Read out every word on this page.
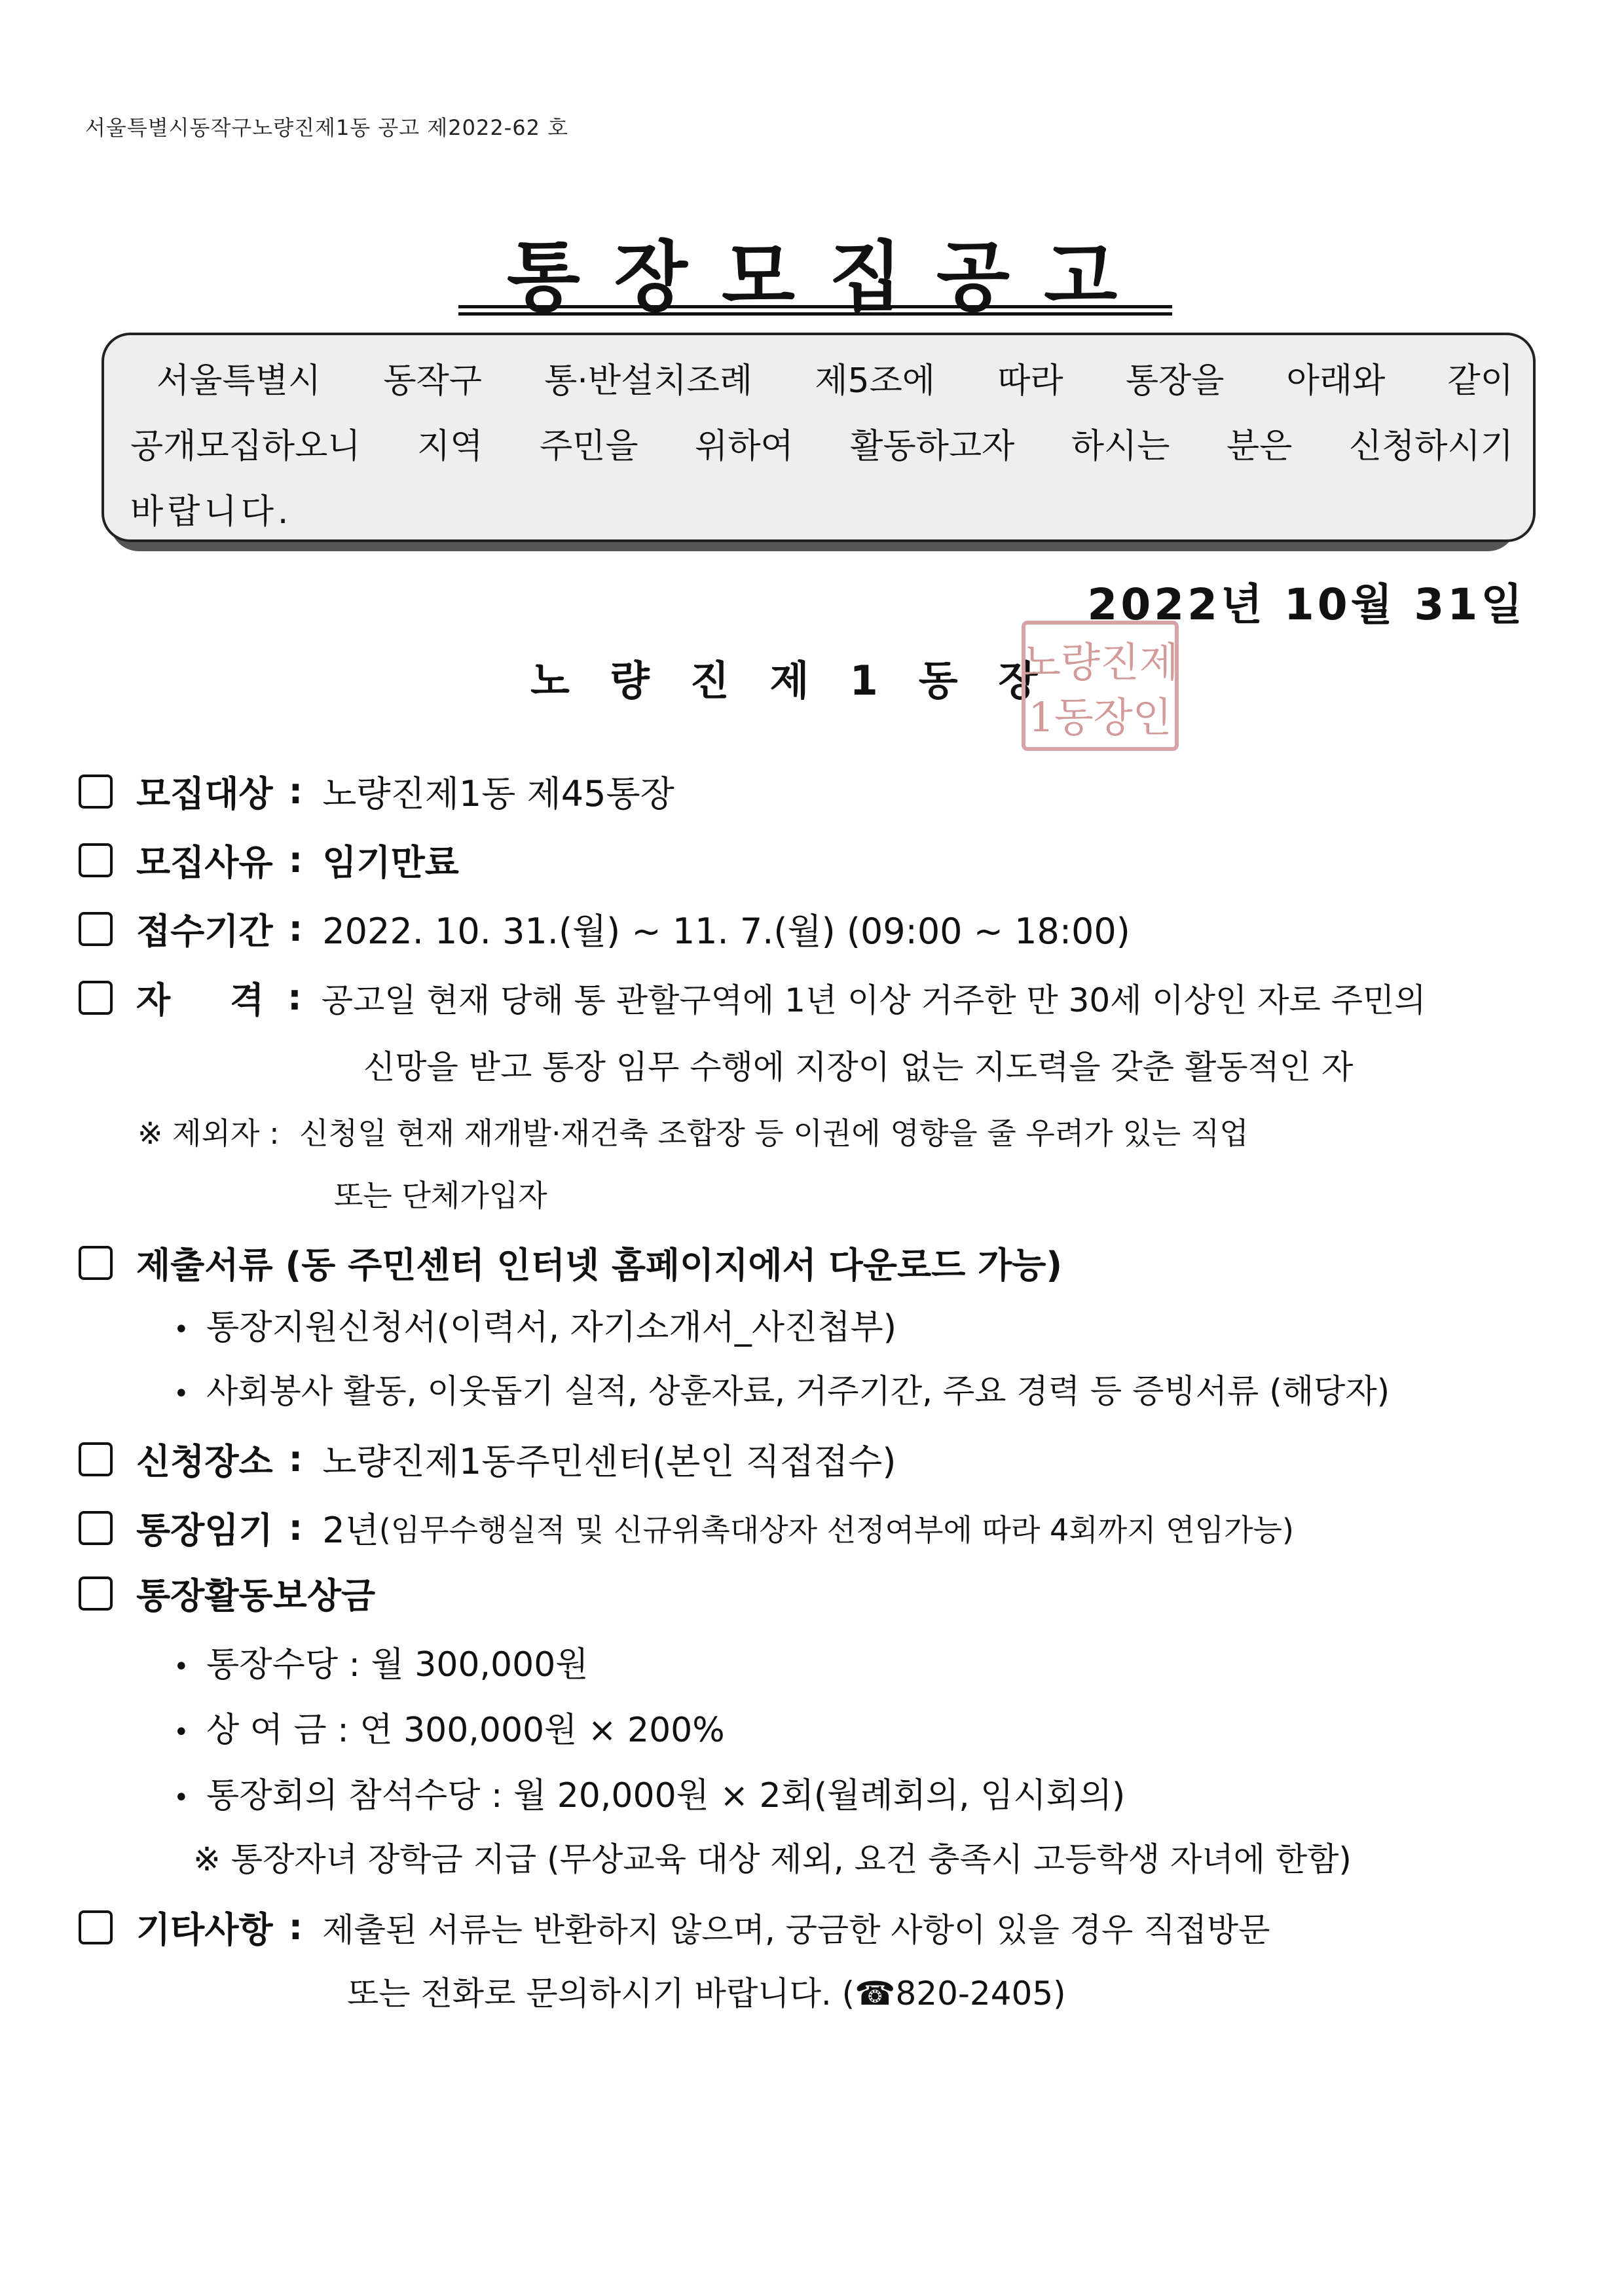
서울특별시동작구노량진제1동 공고 제2022-62 호
통장모집공고
서울특별시 동작구 통·반설치조례 제5조에 따라 통장을 아래와 같이
공개모집하오니 지역 주민을 위하여 활동하고자 하시는 분은 신청하시기
바랍니다.
2022년 10월 31일
노량진제1동장
노량진제
1동장인
모집대상 : 노량진제1동 제45통장
모집사유 : 임기만료
접수기간 : 2022. 10. 31.(월) ~ 11. 7.(월) (09:00 ~ 18:00)
자 격 : 공고일 현재 당해 통 관할구역에 1년 이상 거주한 만 30세 이상인 자로 주민의
신망을 받고 통장 임무 수행에 지장이 없는 지도력을 갖춘 활동적인 자
※ 제외자 : 신청일 현재 재개발·재건축 조합장 등 이권에 영향을 줄 우려가 있는 직업
또는 단체가입자
제출서류 (동 주민센터 인터넷 홈페이지에서 다운로드 가능)
• 통장지원신청서(이력서, 자기소개서_사진첩부)
• 사회봉사 활동, 이웃돕기 실적, 상훈자료, 거주기간, 주요 경력 등 증빙서류 (해당자)
신청장소 : 노량진제1동주민센터(본인 직접접수)
통장임기 : 2년 (임무수행실적 및 신규위촉대상자 선정여부에 따라 4회까지 연임가능)
통장활동보상금
• 통장수당 : 월 300,000원
• 상 여 금 : 연 300,000원 × 200%
• 통장회의 참석수당 : 월 20,000원 × 2회(월례회의, 임시회의)
※ 통장자녀 장학금 지급 (무상교육 대상 제외, 요건 충족시 고등학생 자녀에 한함)
기타사항 : 제출된 서류는 반환하지 않으며, 궁금한 사항이 있을 경우 직접방문
또는 전화로 문의하시기 바랍니다. (☎820-2405)
